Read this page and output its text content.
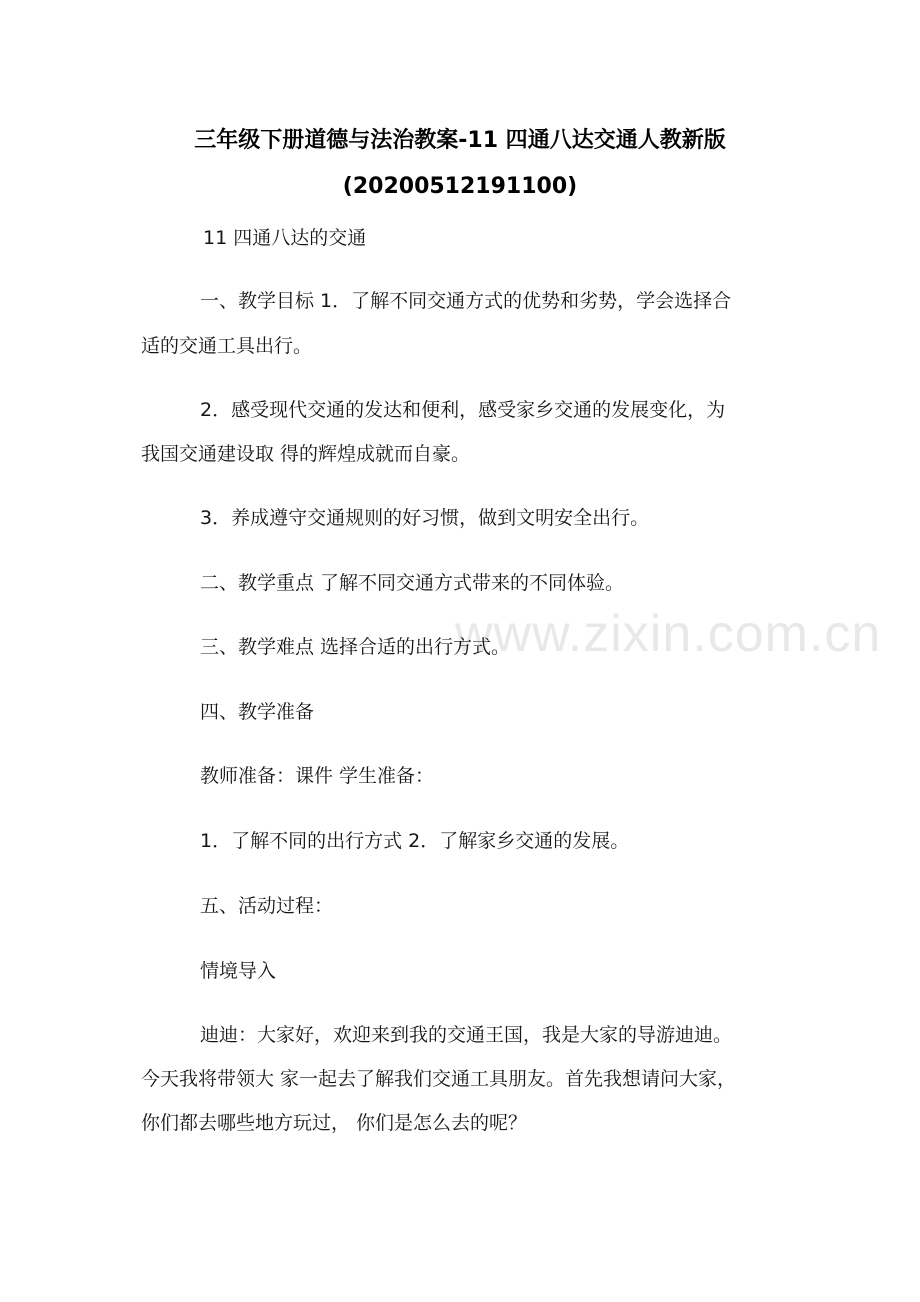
三年级下册道德与法治教案-11 四通八达交通人教新版
(20200512191100)
11 四通八达的交通
一、教学目标 1．了解不同交通方式的优势和劣势，学会选择合
适的交通工具出行。
2．感受现代交通的发达和便利，感受家乡交通的发展变化，为
我国交通建设取 得的辉煌成就而自豪。
3．养成遵守交通规则的好习惯，做到文明安全出行。
二、教学重点 了解不同交通方式带来的不同体验。
三、教学难点 选择合适的出行方式。
四、教学准备
教师准备：课件 学生准备：
1．了解不同的出行方式 2．了解家乡交通的发展。
五、活动过程：
情境导入
迪迪：大家好，欢迎来到我的交通王国，我是大家的导游迪迪。
今天我将带领大 家一起去了解我们交通工具朋友。首先我想请问大家，
你们都去哪些地方玩过， 你们是怎么去的呢？
www.zixin.com.cn
